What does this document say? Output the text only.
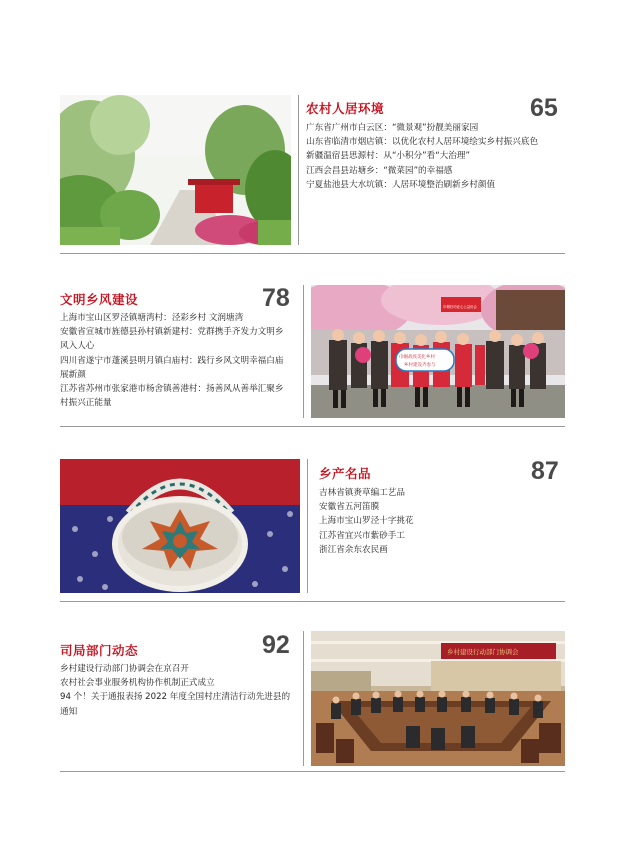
农村人居环境	65
广东省广州市白云区：“微景观”扮靓美丽家园
山东省临清市烟店镇：以优化农村人居环境绘实乡村振兴底色
新疆温宿县思源村：从“小积分”看“大治理”
江西会昌县站塘乡：“微菜园”的幸福感
宁夏盐池县大水坑镇：人居环境整治刷新乡村颜值
文明乡风建设	78
上海市宝山区罗泾镇塘湾村：泾彩乡村 文润塘湾
安徽省宣城市旌德县孙村镇新建村：党群携手齐发力文明乡风入人心
四川省遂宁市蓬溪县明月镇白庙村：践行乡风文明幸福白庙展新颜
江苏省苏州市张家港市杨舍镇善港村：扬善风从善举汇聚乡村振兴正能量
巾帼妇幼爱心公益协会
巾帼战疫美化乡村
乡村建设齐参与
乡产名品	87
吉林省镇赉草编工艺品
安徽省五河笛膜
上海市宝山罗泾十字挑花
江苏省宜兴市紫砂手工
浙江省余东农民画
司局部门动态	92
乡村建设行动部门协调会在京召开
农村社会事业服务机构协作机制正式成立
94 个！关于通报表扬 2022 年度全国村庄清洁行动先进县的通知
乡村建设行动部门协调会
